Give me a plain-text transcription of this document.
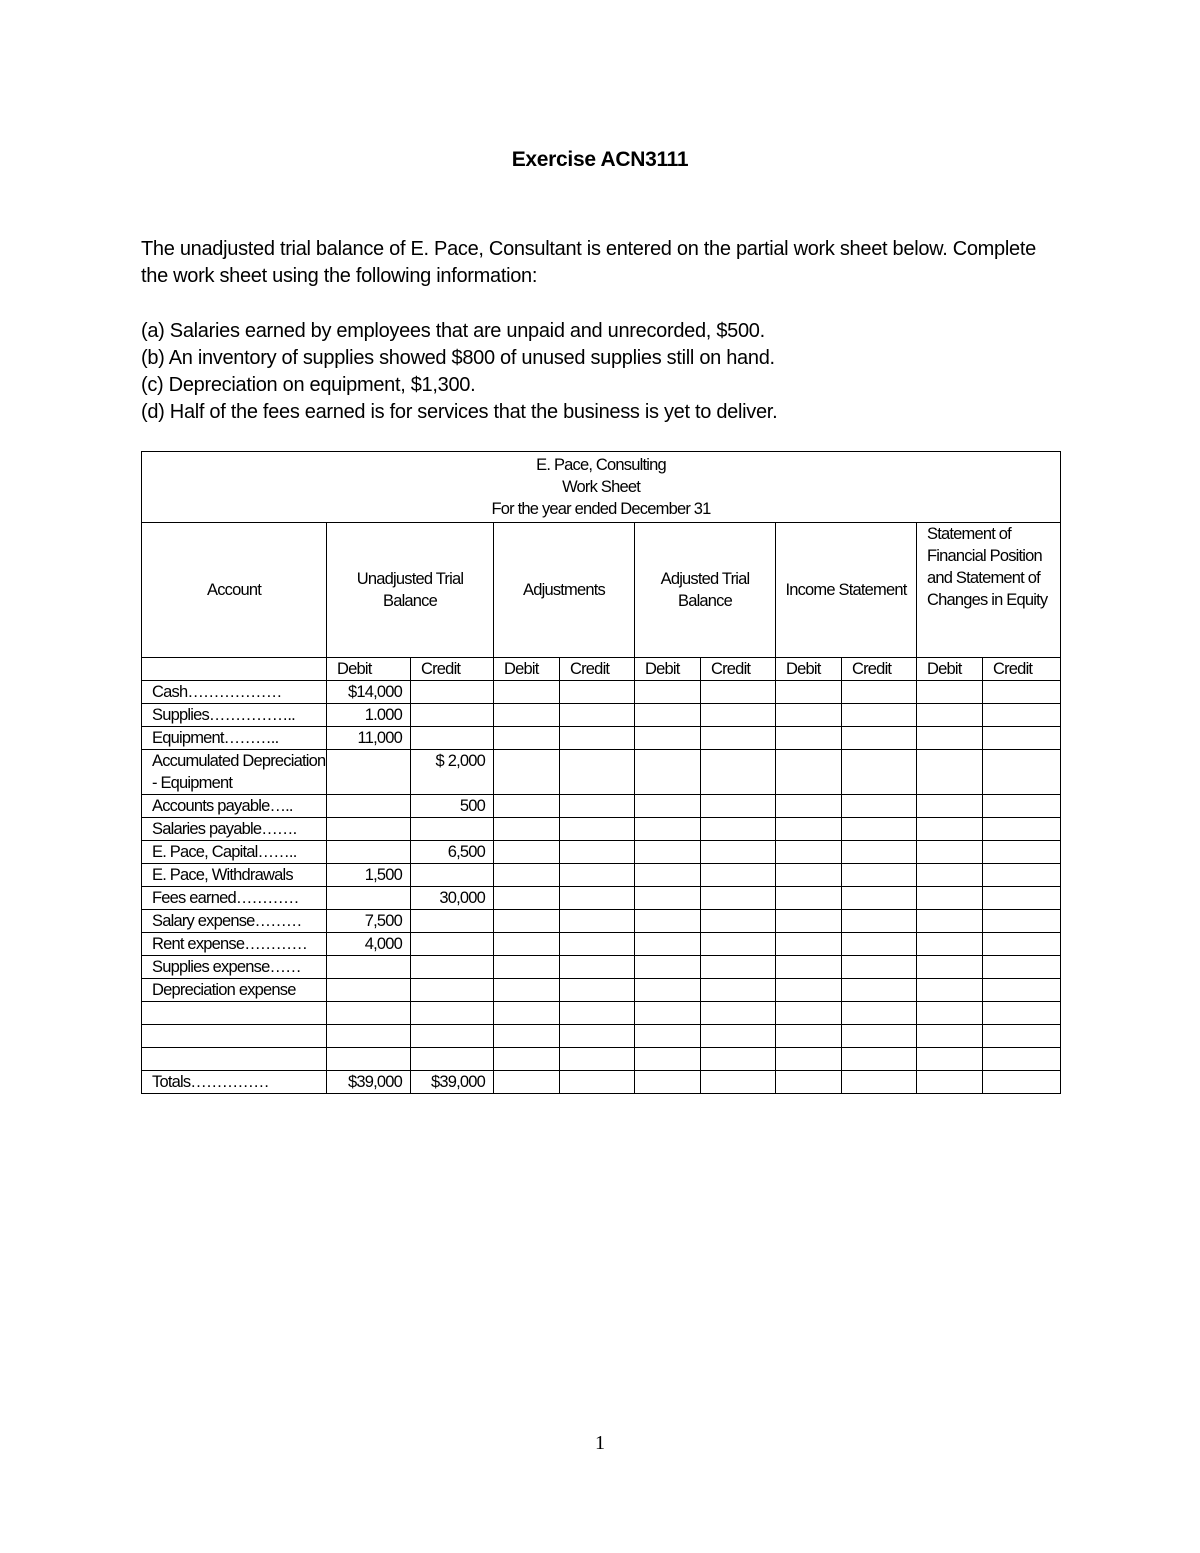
Exercise ACN3111

The unadjusted trial balance of E. Pace, Consultant is entered on the partial work sheet below. Complete

the work sheet using the following information:

(a) Salaries earned by employees that are unpaid and unrecorded, $500.
(b) An inventory of supplies showed $800 of unused supplies still on hand.
(c) Depreciation on equipment, $1,300.
(d) Half of the fees earned is for services that the business is yet to deliver.
E. Pace, Consulting
Work Sheet
For the year ended December 31										

Account	Unadjusted Trial Balance		Adjustments		Adjusted Trial Balance		Income Statement		Statement of Financial Position and Statement of Changes in Equity	
	Debit	Credit	Debit	Credit	Debit	Credit	Debit	Credit	Debit	Credit
Cash………………	$14,000									
Supplies……………..	1.000									
Equipment………..	11,000									
Accumulated Depreciation - Equipment		$ 2,000								
Accounts payable…..		500								
Salaries payable…….										
E. Pace, Capital……..		6,500								
E. Pace, Withdrawals	1,500									
Fees earned…………		30,000								
Salary expense………	7,500									
Rent expense…………	4,000									
Supplies expense……										
Depreciation expense										

Totals……………	$39,000	$39,000								
1
